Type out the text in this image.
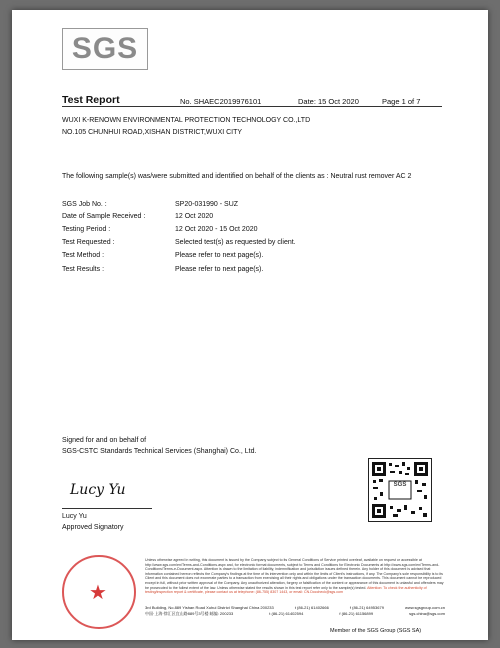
SGS
Test Report	No. SHAEC2019976101	Date: 15 Oct 2020	Page 1 of 7
WUXI K-RENOWN ENVIRONMENTAL PROTECTION TECHNOLOGY CO.,LTD
NO.105 CHUNHUI ROAD,XISHAN DISTRICT,WUXI CITY
The following sample(s) was/were submitted and identified on behalf of the clients as : Neutral rust remover AC 2
SGS Job No. :	SP20-031990 - SUZ
Date of Sample Received :	12 Oct 2020
Testing Period :	12 Oct 2020 - 15 Oct 2020
Test Requested :	Selected test(s) as requested by client.
Test Method :	Please refer to next page(s).
Test Results :	Please refer to next page(s).
Signed for and on behalf of
SGS-CSTC Standards Technical Services (Shanghai) Co., Ltd.
SGS
Lucy Yu
Lucy Yu
Approved Signatory
★
Unless otherwise agreed in writing, this document is issued by the Company subject to its General Conditions of Service printed overleaf, available on request or accessible at http://www.sgs.com/en/Terms-and-Conditions.aspx and, for electronic format documents, subject to Terms and Conditions for Electronic Documents at http://www.sgs.com/en/Terms-and-Conditions/Terms-e-Document.aspx. Attention is drawn to the limitation of liability, indemnification and jurisdiction issues defined therein. Any holder of this document is advised that information contained hereon reflects the Company's findings at the time of its intervention only and within the limits of Client's instructions, if any. The Company's sole responsibility is to its Client and this document does not exonerate parties to a transaction from exercising all their rights and obligations under the transaction documents. This document cannot be reproduced except in full, without prior written approval of the Company. Any unauthorized alteration, forgery or falsification of the content or appearance of this document is unlawful and offenders may be prosecuted to the fullest extent of the law. Unless otherwise stated the results shown in this test report refer only to the sample(s) tested. Attention: To check the authenticity of testing/inspection report & certificate, please contact us at telephone: (86-755) 8307 1443, or email: CN.Doccheck@sgs.com
3rd Building, No.889 Yishan Road Xuhui District Shanghai China 200233	t (86-21) 61402666	f (86-21) 64953679	www.sgsgroup.com.cn
中国·上海·徐汇区宜山路889号3号楼 邮编: 200233	t (86-21) 61402594	f (86-21) 61156899	sgs.china@sgs.com
Member of the SGS Group (SGS SA)
